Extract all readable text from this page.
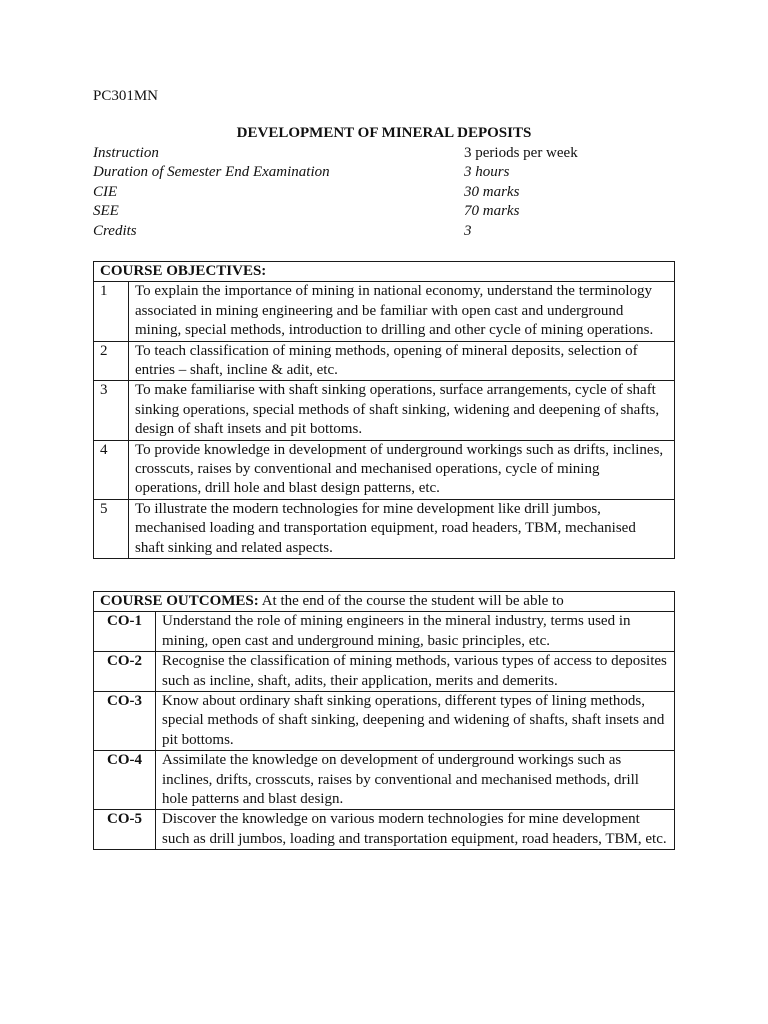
PC301MN
DEVELOPMENT OF MINERAL DEPOSITS
Instruction	3 periods per week
Duration of Semester End Examination	3 hours
CIE	30 marks
SEE	70 marks
Credits	3
COURSE OBJECTIVES:	
1	To explain the importance of mining in national economy, understand the terminology associated in mining engineering and be familiar with open cast and underground mining, special methods, introduction to drilling and other cycle of mining operations.
2	To teach classification of mining methods, opening of mineral deposits, selection of entries – shaft, incline & adit, etc.
3	To make familiarise with shaft sinking operations, surface arrangements, cycle of shaft sinking operations, special methods of shaft sinking, widening and deepening of shafts, design of shaft insets and pit bottoms.
4	To provide knowledge in development of underground workings such as drifts, inclines, crosscuts, raises by conventional and mechanised operations, cycle of mining operations, drill hole and blast design patterns, etc.
5	To illustrate the modern technologies for mine development like drill jumbos, mechanised loading and transportation equipment, road headers, TBM, mechanised shaft sinking and related aspects.
COURSE OUTCOMES: At the end of the course the student will be able to	
CO-1	Understand the role of mining engineers in the mineral industry, terms used in mining, open cast and underground mining, basic principles, etc.
CO-2	Recognise the classification of mining methods, various types of access to deposites such as incline, shaft, adits, their application, merits and demerits.
CO-3	Know about ordinary shaft sinking operations, different types of lining methods, special methods of shaft sinking, deepening and widening of shafts, shaft insets and pit bottoms.
CO-4	Assimilate the knowledge on development of underground workings such as inclines, drifts, crosscuts, raises by conventional and mechanised methods, drill hole patterns and blast design.
CO-5	Discover the knowledge on various modern technologies for mine development such as drill jumbos, loading and transportation equipment, road headers, TBM, etc.
